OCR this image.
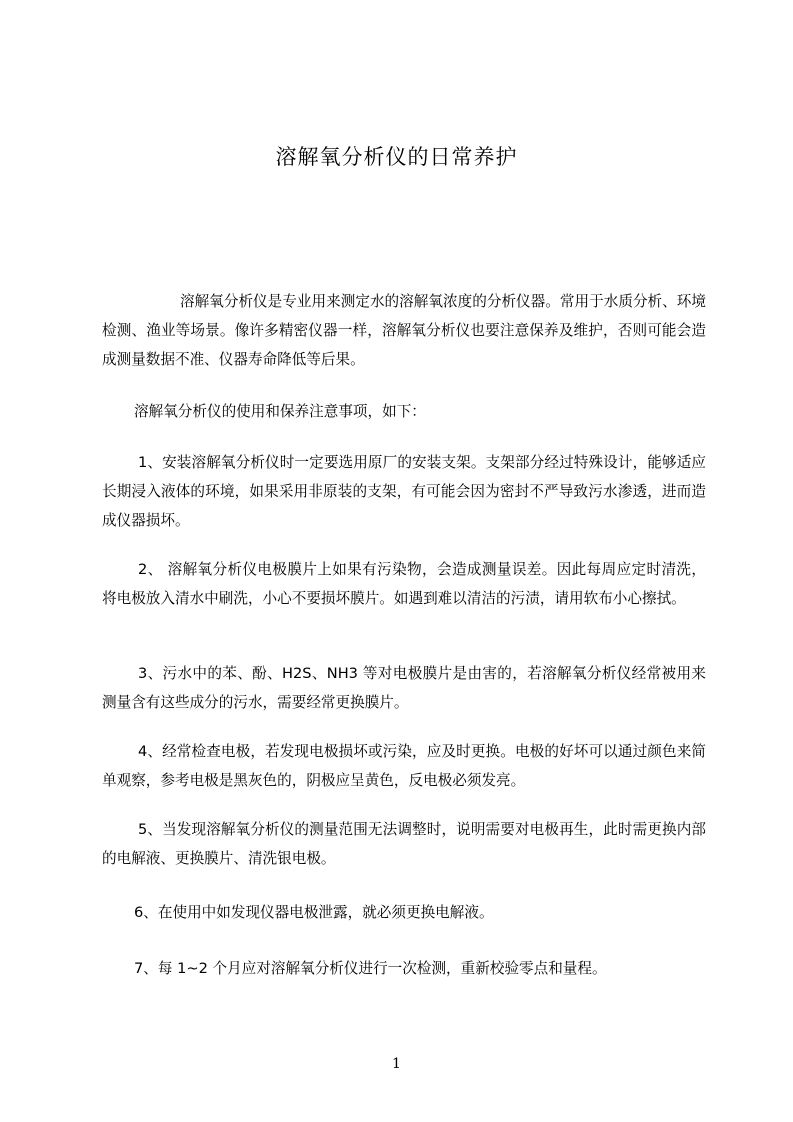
溶解氧分析仪的日常养护

溶解氧分析仪是专业用来测定水的溶解氧浓度的分析仪器。常用于水质分析、环境检测、渔业等场景。像许多精密仪器一样，溶解氧分析仪也要注意保养及维护，否则可能会造成测量数据不准、仪器寿命降低等后果。

溶解氧分析仪的使用和保养注意事项，如下：

1、安装溶解氧分析仪时一定要选用原厂的安装支架。支架部分经过特殊设计，能够适应长期浸入液体的环境，如果采用非原装的支架，有可能会因为密封不严导致污水渗透，进而造成仪器损坏。

2、 溶解氧分析仪电极膜片上如果有污染物，会造成测量误差。因此每周应定时清洗，将电极放入清水中刷洗，小心不要损坏膜片。如遇到难以清洁的污渍，请用软布小心擦拭。

3、污水中的苯、酚、H2S、NH3 等对电极膜片是由害的，若溶解氧分析仪经常被用来测量含有这些成分的污水，需要经常更换膜片。

4、经常检查电极，若发现电极损坏或污染，应及时更换。电极的好坏可以通过颜色来简单观察，参考电极是黑灰色的，阴极应呈黄色，反电极必须发亮。

5、当发现溶解氧分析仪的测量范围无法调整时，说明需要对电极再生，此时需更换内部的电解液、更换膜片、清洗银电极。

6、在使用中如发现仪器电极泄露，就必须更换电解液。

7、每 1~2 个月应对溶解氧分析仪进行一次检测，重新校验零点和量程。

1
